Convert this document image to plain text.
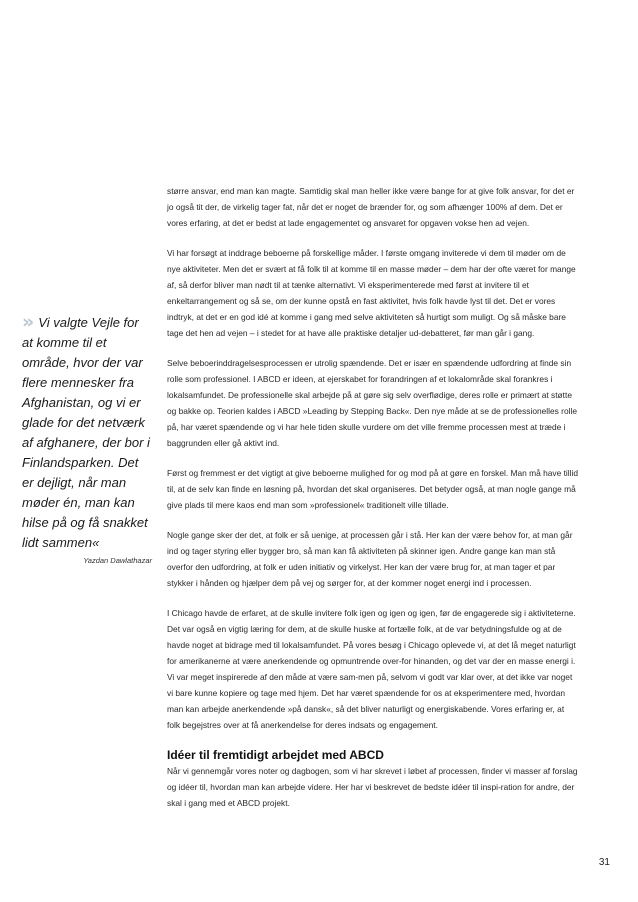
» Vi valgte Vejle for at komme til et område, hvor der var flere mennesker fra Afghanistan, og vi er glade for det netværk af afghanere, der bor i Finlandsparken. Det er dejligt, når man møder én, man kan hilse på og få snakket lidt sammen«

Yazdan Dawlathazar

større ansvar, end man kan magte. Samtidig skal man heller ikke være bange for at give folk ansvar, for det er jo også tit der, de virkelig tager fat, når det er noget de brænder for, og som afhænger 100% af dem. Det er vores erfaring, at det er bedst at lade engagementet og ansvaret for opgaven vokse hen ad vejen.

Vi har forsøgt at inddrage beboerne på forskellige måder. I første omgang inviterede vi dem til møder om de nye aktiviteter. Men det er svært at få folk til at komme til en masse møder – dem har der ofte været for mange af, så derfor bliver man nødt til at tænke alternativt. Vi eksperimenterede med først at invitere til et enkeltarrangement og så se, om der kunne opstå en fast aktivitet, hvis folk havde lyst til det. Det er vores indtryk, at det er en god idé at komme i gang med selve aktiviteten så hurtigt som muligt. Og så måske bare tage det hen ad vejen – i stedet for at have alle praktiske detaljer ud-debatteret, før man går i gang.

Selve beboerinddragelsesprocessen er utrolig spændende. Det er især en spændende udfordring at finde sin rolle som professionel. I ABCD er ideen, at ejerskabet for forandringen af et lokalområde skal forankres i lokalsamfundet. De professionelle skal arbejde på at gøre sig selv overflødige, deres rolle er primært at støtte og bakke op. Teorien kaldes i ABCD »Leading by Stepping Back«. Den nye måde at se de professionelles rolle på, har været spændende og vi har hele tiden skulle vurdere om det ville fremme processen mest at træde i baggrunden eller gå aktivt ind.

Først og fremmest er det vigtigt at give beboerne mulighed for og mod på at gøre en forskel. Man må have tillid til, at de selv kan finde en løsning på, hvordan det skal organiseres. Det betyder også, at man nogle gange må give plads til mere kaos end man som »professionel« traditionelt ville tillade.

Nogle gange sker der det, at folk er så uenige, at processen går i stå. Her kan der være behov for, at man går ind og tager styring eller bygger bro, så man kan få aktiviteten på skinner igen. Andre gange kan man stå overfor den udfordring, at folk er uden initiativ og virkelyst. Her kan der være brug for, at man tager et par stykker i hånden og hjælper dem på vej og sørger for, at der kommer noget energi ind i processen.

I Chicago havde de erfaret, at de skulle invitere folk igen og igen og igen, før de engagerede sig i aktiviteterne. Det var også en vigtig læring for dem, at de skulle huske at fortælle folk, at de var betydningsfulde og at de havde noget at bidrage med til lokalsamfundet. På vores besøg i Chicago oplevede vi, at det lå meget naturligt for amerikanerne at være anerkendende og opmuntrende over-for hinanden, og det var der en masse energi i. Vi var meget inspirerede af den måde at være sam-men på, selvom vi godt var klar over, at det ikke var noget vi bare kunne kopiere og tage med hjem. Det har været spændende for os at eksperimentere med, hvordan man kan arbejde anerkendende »på dansk«, så det bliver naturligt og energiskabende. Vores erfaring er, at folk begejstres over at få anerkendelse for deres indsats og engagement.

Idéer til fremtidigt arbejdet med ABCD

Når vi gennemgår vores noter og dagbogen, som vi har skrevet i løbet af processen, finder vi masser af forslag og idéer til, hvordan man kan arbejde videre. Her har vi beskrevet de bedste idéer til inspi-ration for andre, der skal i gang med et ABCD projekt.

31
